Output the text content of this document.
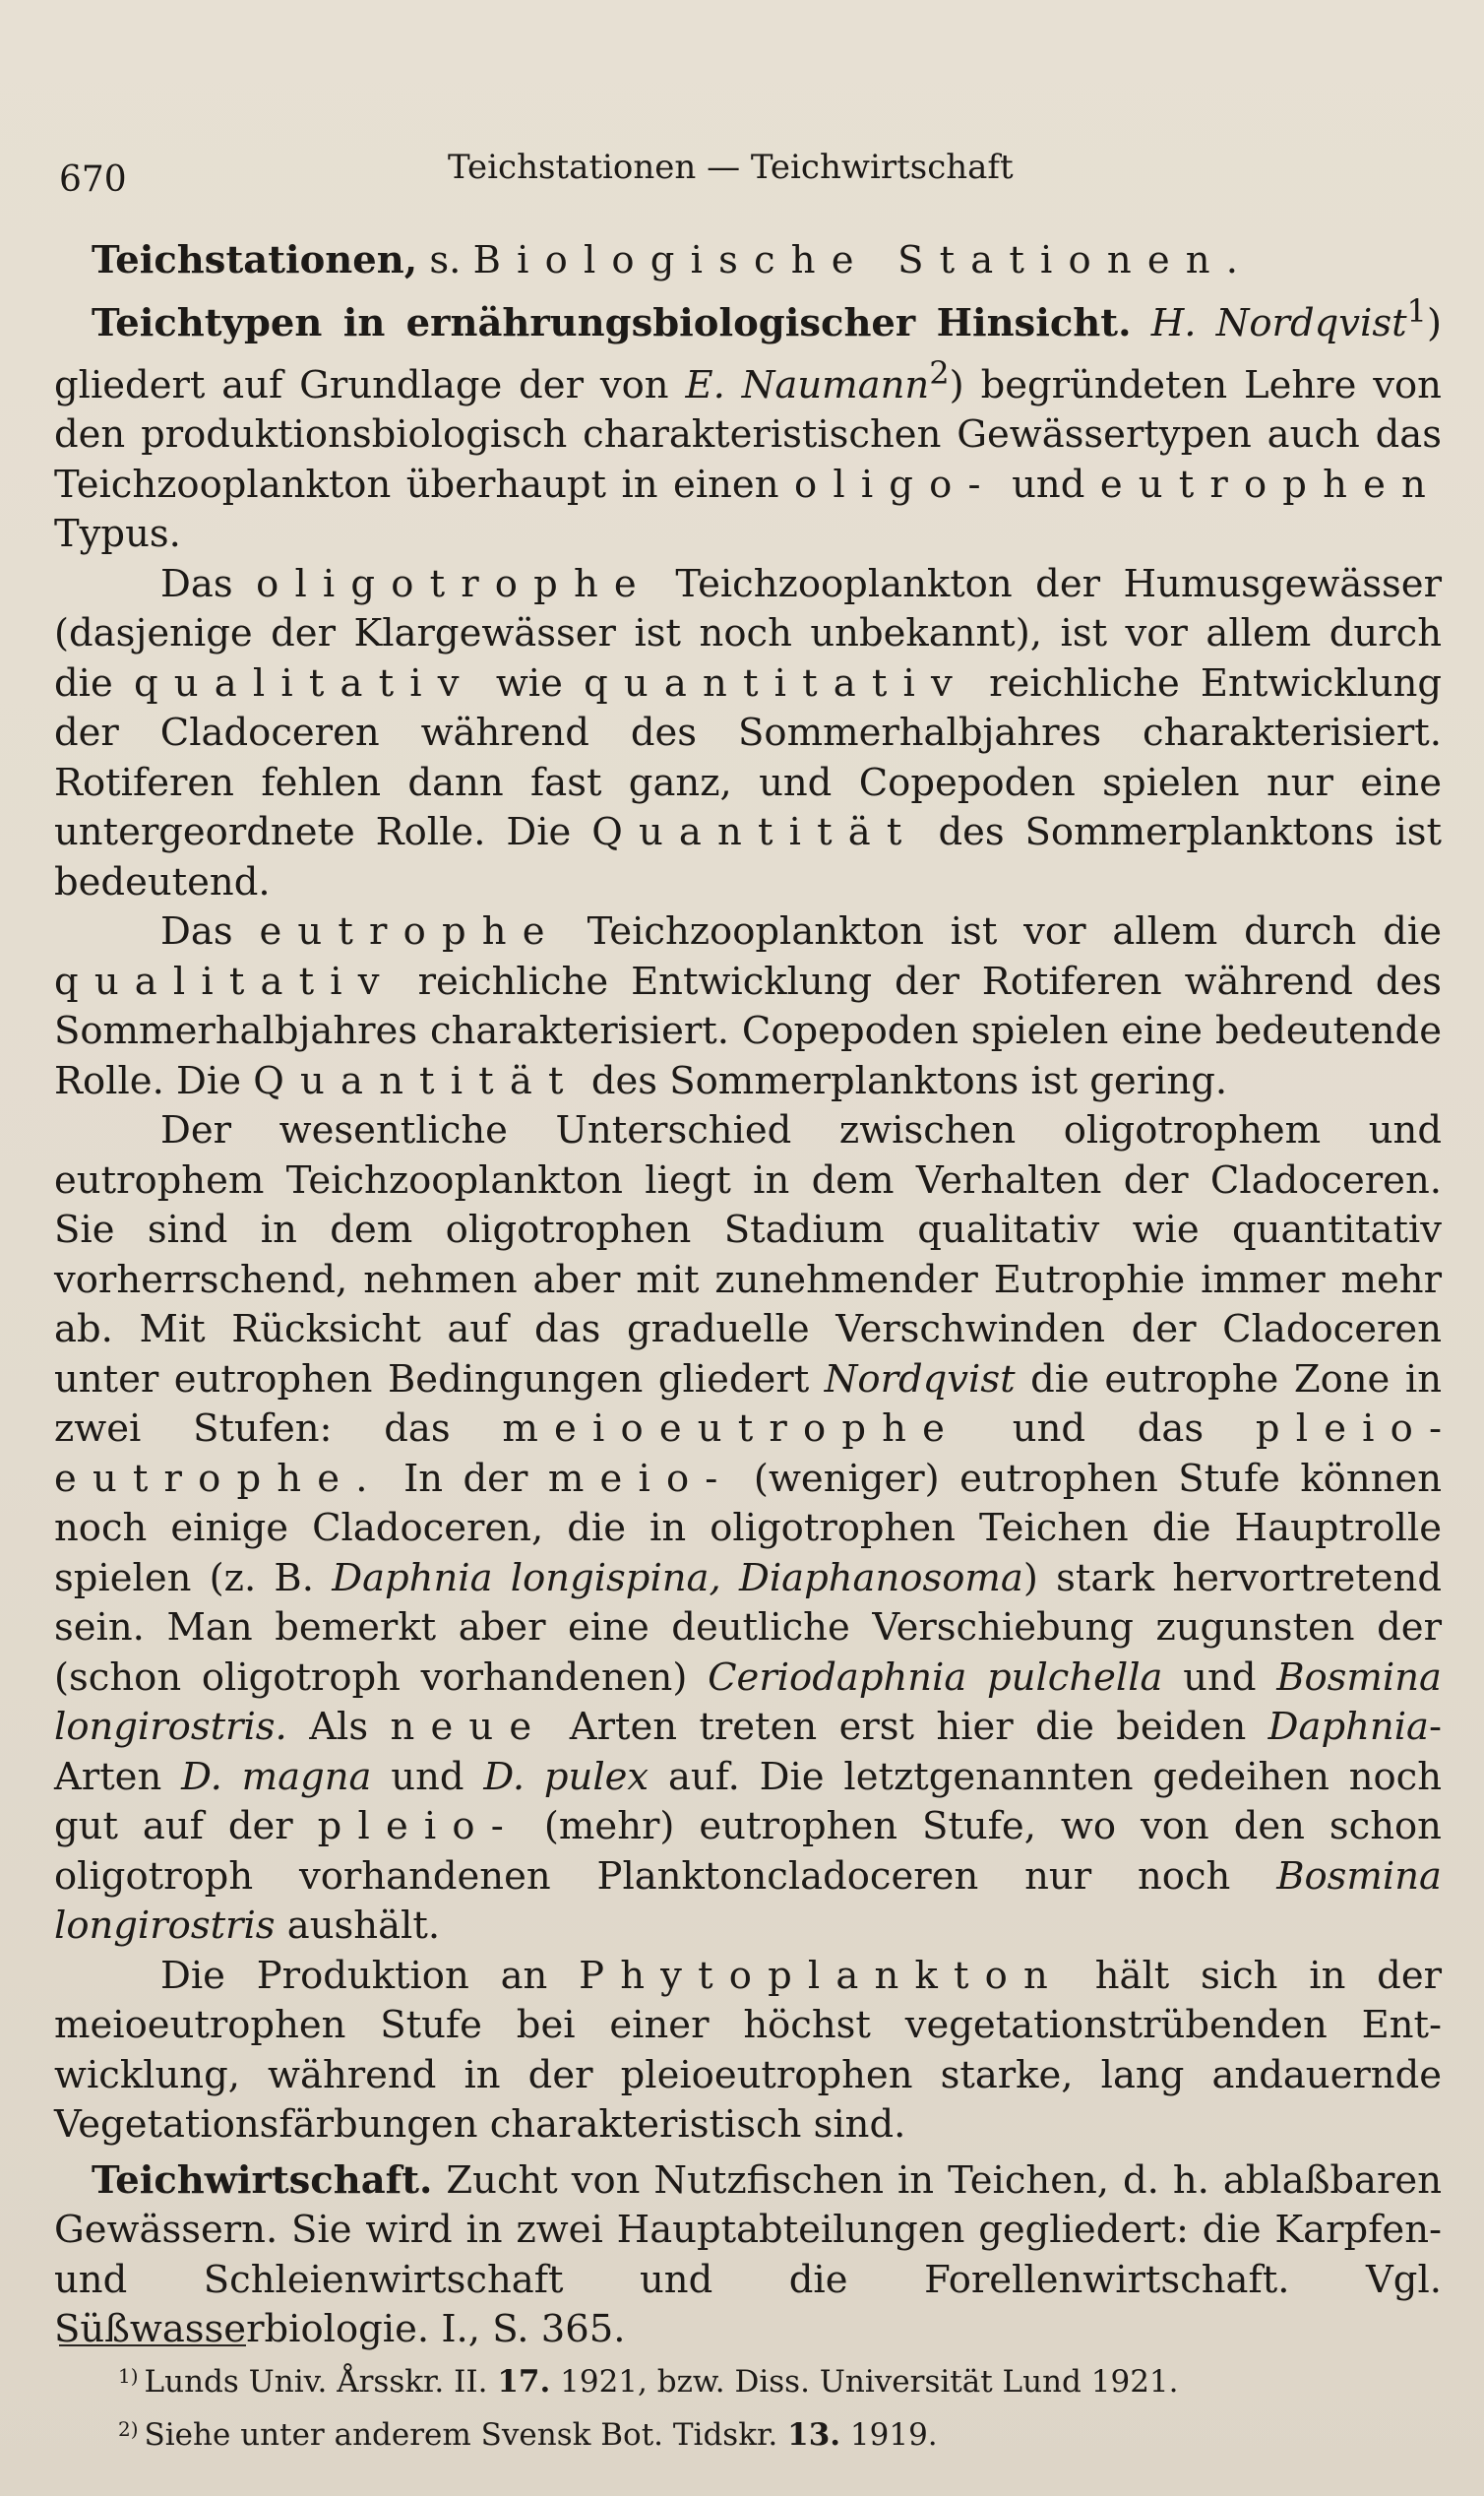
670	Teichstationen — Teichwirtschaft

Teichstationen, s. Biologische Stationen.

Teichtypen in ernährungsbiologischer Hinsicht. H. Nordqvist$^1$) gliedert auf Grundlage der von E. Naumann$^2$) begründeten Lehre von den produktionsbiologisch charakteristischen Gewässertypen auch das Teichzooplankton überhaupt in einen oligo- und eutrophen Typus.

Das oligotrophe Teichzooplankton der Humusgewässer (dasjenige der Klargewässer ist noch unbekannt), ist vor allem durch die qualitativ wie quantitativ reichliche Entwicklung der Cladoceren während des Sommerhalbjahres charakterisiert. Rotiferen fehlen dann fast ganz, und Copepoden spielen nur eine untergeordnete Rolle. Die Quantität des Sommerplanktons ist bedeutend.

Das eutrophe Teichzooplankton ist vor allem durch die qualitativ reichliche Entwicklung der Rotiferen während des Sommerhalbjahres charakterisiert. Copepoden spielen eine bedeutende Rolle. Die Quantität des Sommerplanktons ist gering.

Der wesentliche Unterschied zwischen oligotrophem und eutrophem Teichzooplankton liegt in dem Verhalten der Cladoceren. Sie sind in dem oligotrophen Stadium qualitativ wie quantitativ vorherrschend, nehmen aber mit zunehmender Eutrophie immer mehr ab. Mit Rücksicht auf das graduelle Verschwinden der Cladoceren unter eutrophen Bedingungen gliedert Nordqvist die eutrophe Zone in zwei Stufen: das meioeutrophe und das pleioeutrophe. In der meio- (weniger) eutrophen Stufe können noch einige Cladoceren, die in oligotrophen Teichen die Hauptrolle spielen (z. B. Daphnia longispina, Diaphanosoma) stark hervortretend sein. Man bemerkt aber eine deutliche Verschiebung zugunsten der (schon oligotroph vorhandenen) Ceriodaphnia pulchella und Bosmina longirostris. Als neue Arten treten erst hier die beiden Daphnia-Arten D. magna und D. pulex auf. Die letztgenannten gedeihen noch gut auf der pleio- (mehr) eutrophen Stufe, wo von den schon oligotroph vorhandenen Planktoncladoceren nur noch Bosmina longirostris aushält.

Die Produktion an Phytoplankton hält sich in der meioeutrophen Stufe bei einer höchst vegetationstrübenden Entwicklung, während in der pleioeutrophen starke, lang andauernde Vegetationsfärbungen charakteristisch sind.

Teichwirtschaft. Zucht von Nutzfischen in Teichen, d. h. ablaßbaren Gewässern. Sie wird in zwei Hauptabteilungen gegliedert: die Karpfen- und Schleienwirtschaft und die Forellenwirtschaft. Vgl. Süßwasserbiologie. I., S. 365.

$^{1)}$ Lunds Univ. Årsskr. II. 17. 1921, bzw. Diss. Universität Lund 1921.
$^{2)}$ Siehe unter anderem Svensk Bot. Tidskr. 13. 1919.
